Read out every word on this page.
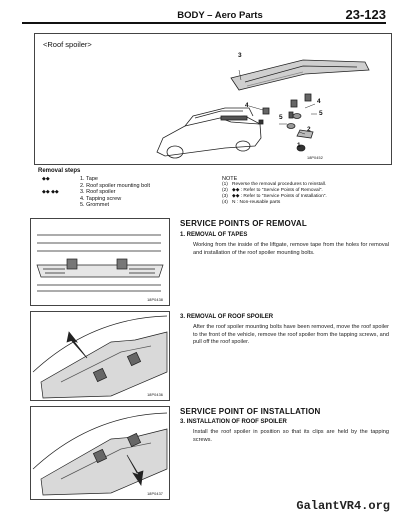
BODY – Aero Parts	23-123
<Roof spoiler>
3
4
4
5
5
2
1
18P0452
Removal steps
◆◆
◆◆ ◆◆
1. Tape
2. Roof spoiler mounting bolt
3. Roof spoiler
4. Tapping screw
5. Grommet
NOTE
(1) Reverse the removal procedures to reinstall.
(2) ◆◆ : Refer to "Service Points of Removal".
(3) ◆◆ : Refer to "Service Points of Installation".
(4) N : Non-reusable parts
18P0438
18P0436
18P0437
SERVICE POINTS OF REMOVAL
1. REMOVAL OF TAPES
Working from the inside of the liftgate, remove tape from the holes for removal and installation of the roof spoiler mounting bolts.
3. REMOVAL OF ROOF SPOILER
After the roof spoiler mounting bolts have been removed, move the roof spoiler to the front of the vehicle, remove the roof spoiler from the tapping screws, and pull off the roof spoiler.
SERVICE POINT OF INSTALLATION
3. INSTALLATION OF ROOF SPOILER
Install the roof spoiler in position so that its clips are held by the tapping screws.
GalantVR4.org
